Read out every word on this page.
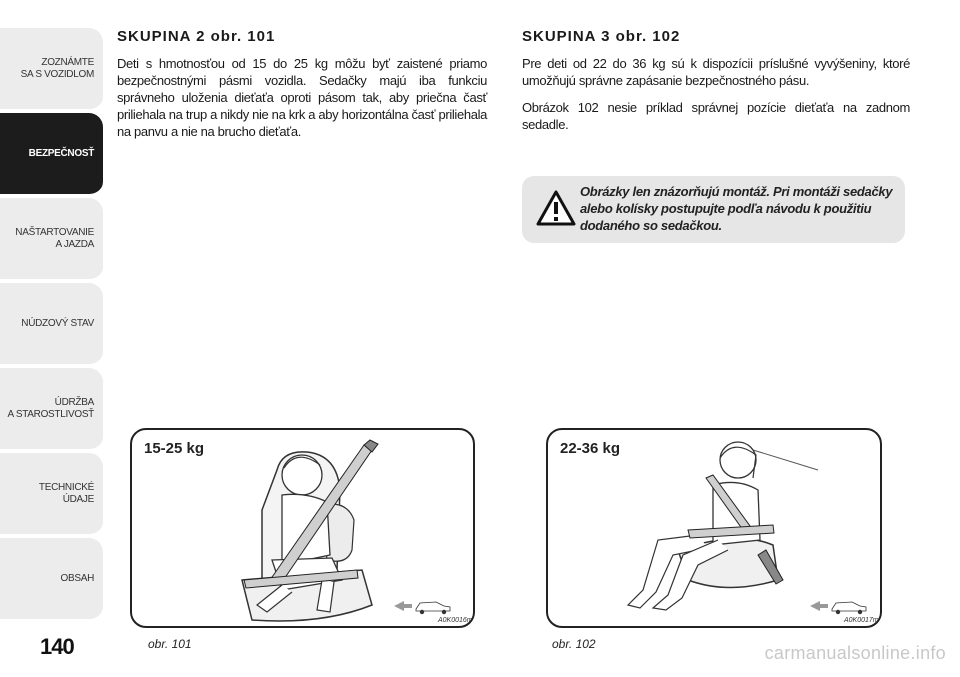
ZOZNÁMTE
SA S VOZIDLOM
BEZPEČNOSŤ
NAŠTARTOVANIE
A JAZDA
NÚDZOVÝ STAV
ÚDRŽBA
A STAROSTLIVOSŤ
TECHNICKÉ
ÚDAJE
OBSAH
140
SKUPINA 2 obr. 101

Deti s hmotnosťou od 15 do 25 kg môžu byť zaistené priamo bezpečnostnými pásmi vozidla. Sedačky majú iba funkciu správneho uloženia dieťaťa oproti pásom tak, aby priečna časť priliehala na trup a nikdy nie na krk a aby horizontálna časť priliehala na panvu a nie na brucho dieťaťa.

SKUPINA 3 obr. 102

Pre deti od 22 do 36 kg sú k dispozícii príslušné vyvýšeniny, ktoré umožňujú správne zapásanie bezpečnostného pásu.

Obrázok 102 nesie príklad správnej pozície dieťaťa na zadnom sedadle.

Obrázky len znázorňujú montáž. Pri montáži sedačky alebo kolísky postupujte podľa návodu k použitiu dodaného so sedačkou.
15-25 kg
A0K0016m
obr. 101
22-36 kg
A0K0017m
obr. 102	carmanualsonline.info
